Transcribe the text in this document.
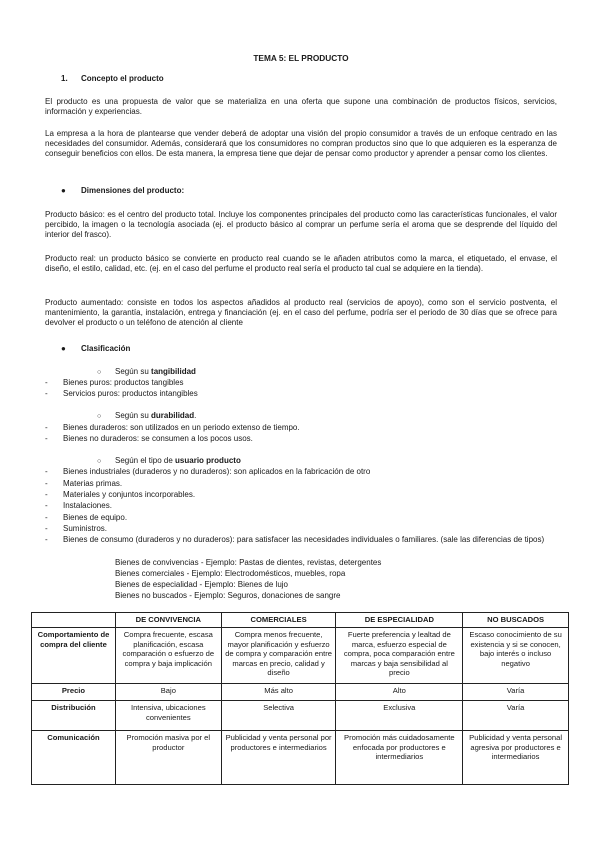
TEMA 5: EL PRODUCTO
1. Concepto el producto
El producto es una propuesta de valor que se materializa en una oferta que supone una combinación de productos físicos, servicios, información y experiencias.
La empresa a la hora de plantearse que vender deberá de adoptar una visión del propio consumidor a través de un enfoque centrado en las necesidades del consumidor. Además, considerará que los consumidores no compran productos sino que lo que adquieren es la esperanza de conseguir beneficios con ellos. De esta manera, la empresa tiene que dejar de pensar como productor y aprender a pensar como los clientes.
● Dimensiones del producto:
Producto básico: es el centro del producto total. Incluye los componentes principales del producto como las características funcionales, el valor percibido, la imagen o la tecnología asociada (ej. el producto básico al comprar un perfume sería el aroma que se desprende del líquido del interior del frasco).
Producto real: un producto básico se convierte en producto real cuando se le añaden atributos como la marca, el etiquetado, el envase, el diseño, el estilo, calidad, etc. (ej. en el caso del perfume el producto real sería el producto tal cual se adquiere en la tienda).
Producto aumentado: consiste en todos los aspectos añadidos al producto real (servicios de apoyo), como son el servicio postventa, el mantenimiento, la garantía, instalación, entrega y financiación (ej. en el caso del perfume, podría ser el periodo de 30 días que se ofrece para devolver el producto o un teléfono de atención al cliente
● Clasificación
○ Según su tangibilidad
- Bienes puros: productos tangibles
- Servicios puros: productos intangibles
○ Según su durabilidad.
- Bienes duraderos: son utilizados en un periodo extenso de tiempo.
- Bienes no duraderos: se consumen a los pocos usos.
○ Según el tipo de usuario producto
- Bienes industriales (duraderos y no duraderos): son aplicados en la fabricación de otro
- Materias primas.
- Materiales y conjuntos incorporables.
- Instalaciones.
- Bienes de equipo.
- Suministros.
- Bienes de consumo (duraderos y no duraderos): para satisfacer las necesidades individuales o familiares. (sale las diferencias de tipos)
Bienes de convivencias - Ejemplo: Pastas de dientes, revistas, detergentes
Bienes comerciales - Ejemplo: Electrodomésticos, muebles, ropa
Bienes de especialidad - Ejemplo: Bienes de lujo
Bienes no buscados - Ejemplo: Seguros, donaciones de sangre
	DE CONVIVENCIA	COMERCIALES	DE ESPECIALIDAD	NO BUSCADOS
Comportamiento de compra del cliente	Compra frecuente, escasa planificación, escasa comparación o esfuerzo de compra y baja implicación	Compra menos frecuente, mayor planificación y esfuerzo de compra y comparación entre marcas en precio, calidad y diseño	Fuerte preferencia y lealtad de marca, esfuerzo especial de compra, poca comparación entre marcas y baja sensibilidad al precio	Escaso conocimiento de su existencia y si se conocen, bajo interés o incluso negativo
Precio	Bajo	Más alto	Alto	Varía
Distribución	Intensiva, ubicaciones convenientes	Selectiva	Exclusiva	Varía
Comunicación	Promoción masiva por el productor	Publicidad y venta personal por productores e intermediarios	Promoción más cuidadosamente enfocada por productores e intermediarios	Publicidad y venta personal agresiva por productores e intermediarios
